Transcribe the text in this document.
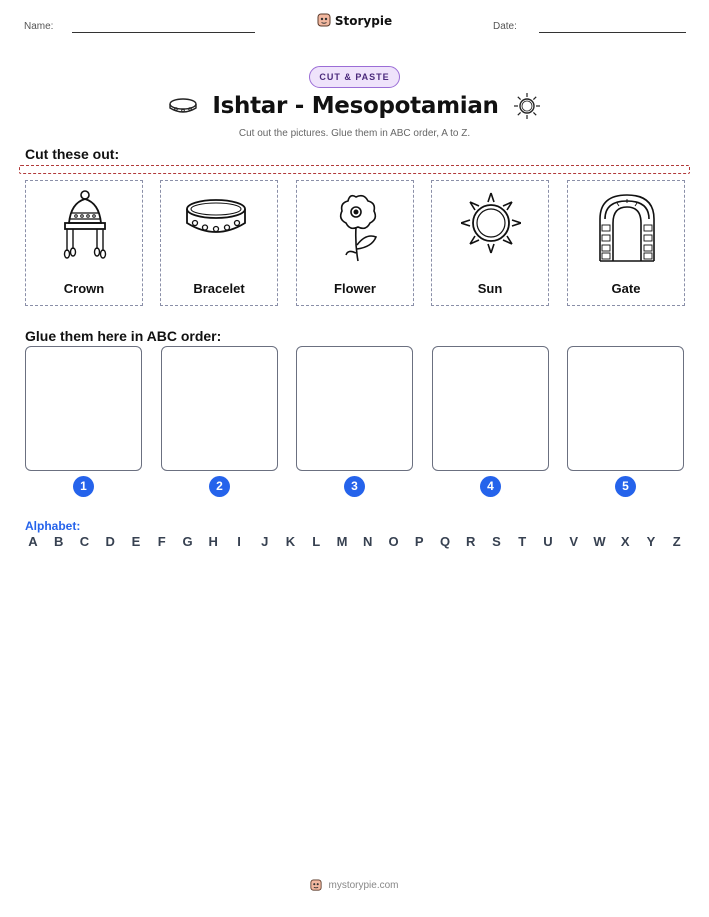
Name:	Storypie	Date:
CUT & PASTE
Ishtar - Mesopotamian

Cut out the pictures. Glue them in ABC order, A to Z.

Cut these out:
Crown	Bracelet	Flower	Sun	Gate
Glue them here in ABC order:
1	2	3	4	5
Alphabet:
A B C D E	F	G H	I	J	K	L	M N O P Q R S	T	U V W X Y	Z
mystorypie.com
